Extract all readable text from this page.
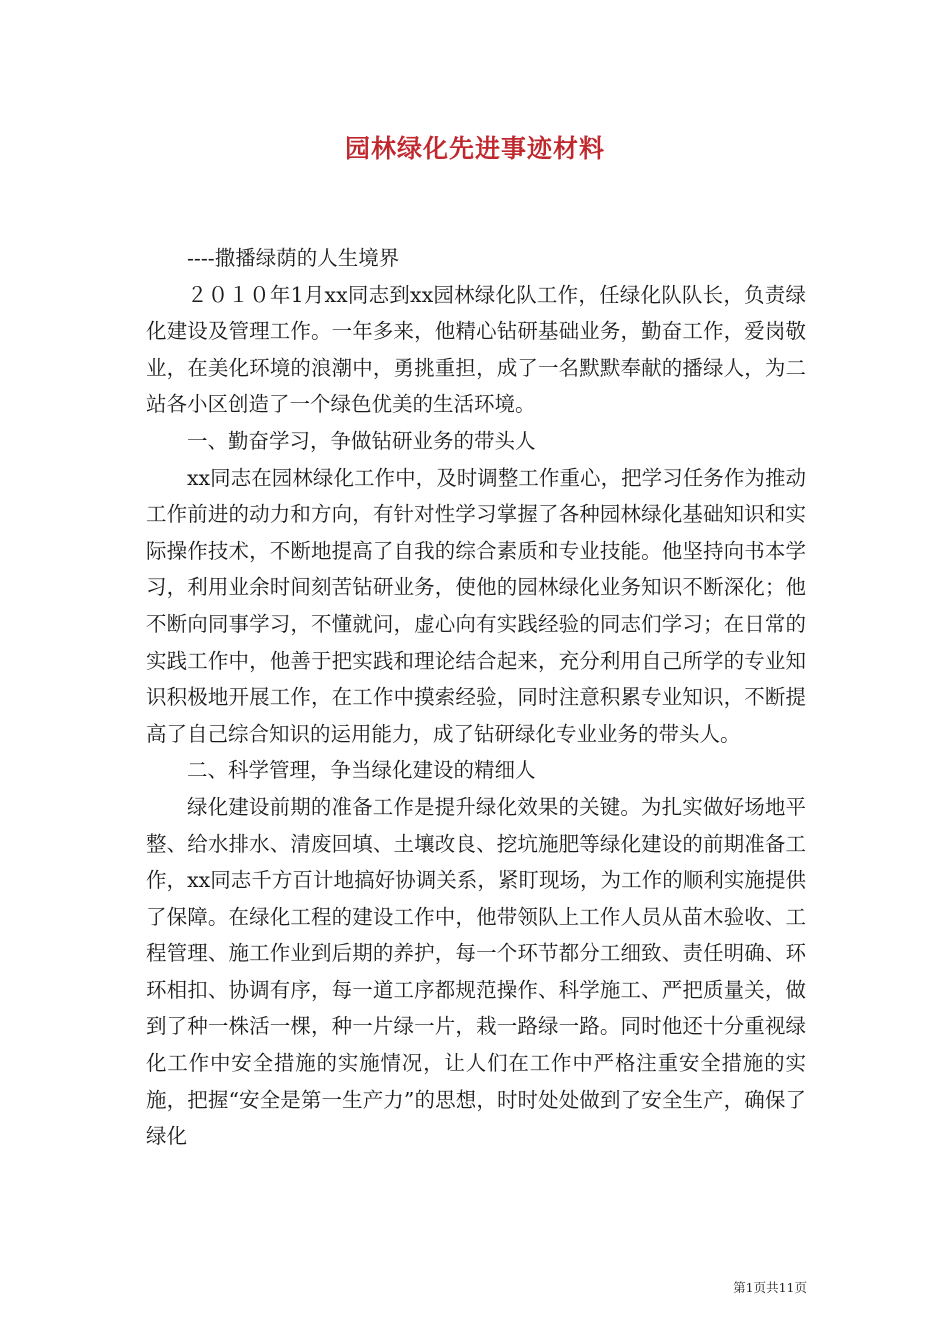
园林绿化先进事迹材料

----撒播绿荫的人生境界

２０１０年1月xx同志到xx园林绿化队工作，任绿化队队长，负责绿化建设及管理工作。一年多来，他精心钻研基础业务，勤奋工作，爱岗敬业，在美化环境的浪潮中，勇挑重担，成了一名默默奉献的播绿人，为二站各小区创造了一个绿色优美的生活环境。

一、勤奋学习，争做钻研业务的带头人

xx同志在园林绿化工作中，及时调整工作重心，把学习任务作为推动工作前进的动力和方向，有针对性学习掌握了各种园林绿化基础知识和实际操作技术，不断地提高了自我的综合素质和专业技能。他坚持向书本学习，利用业余时间刻苦钻研业务，使他的园林绿化业务知识不断深化；他不断向同事学习，不懂就问，虚心向有实践经验的同志们学习；在日常的实践工作中，他善于把实践和理论结合起来，充分利用自己所学的专业知识积极地开展工作，在工作中摸索经验，同时注意积累专业知识，不断提高了自己综合知识的运用能力，成了钻研绿化专业业务的带头人。

二、科学管理，争当绿化建设的精细人

绿化建设前期的准备工作是提升绿化效果的关键。为扎实做好场地平整、给水排水、清废回填、土壤改良、挖坑施肥等绿化建设的前期准备工作，xx同志千方百计地搞好协调关系，紧盯现场，为工作的顺利实施提供了保障。在绿化工程的建设工作中，他带领队上工作人员从苗木验收、工程管理、施工作业到后期的养护，每一个环节都分工细致、责任明确、环环相扣、协调有序，每一道工序都规范操作、科学施工、严把质量关，做到了种一株活一棵，种一片绿一片，栽一路绿一路。同时他还十分重视绿化工作中安全措施的实施情况，让人们在工作中严格注重安全措施的实施，把握“安全是第一生产力”的思想，时时处处做到了安全生产，确保了绿化

第1页共11页
